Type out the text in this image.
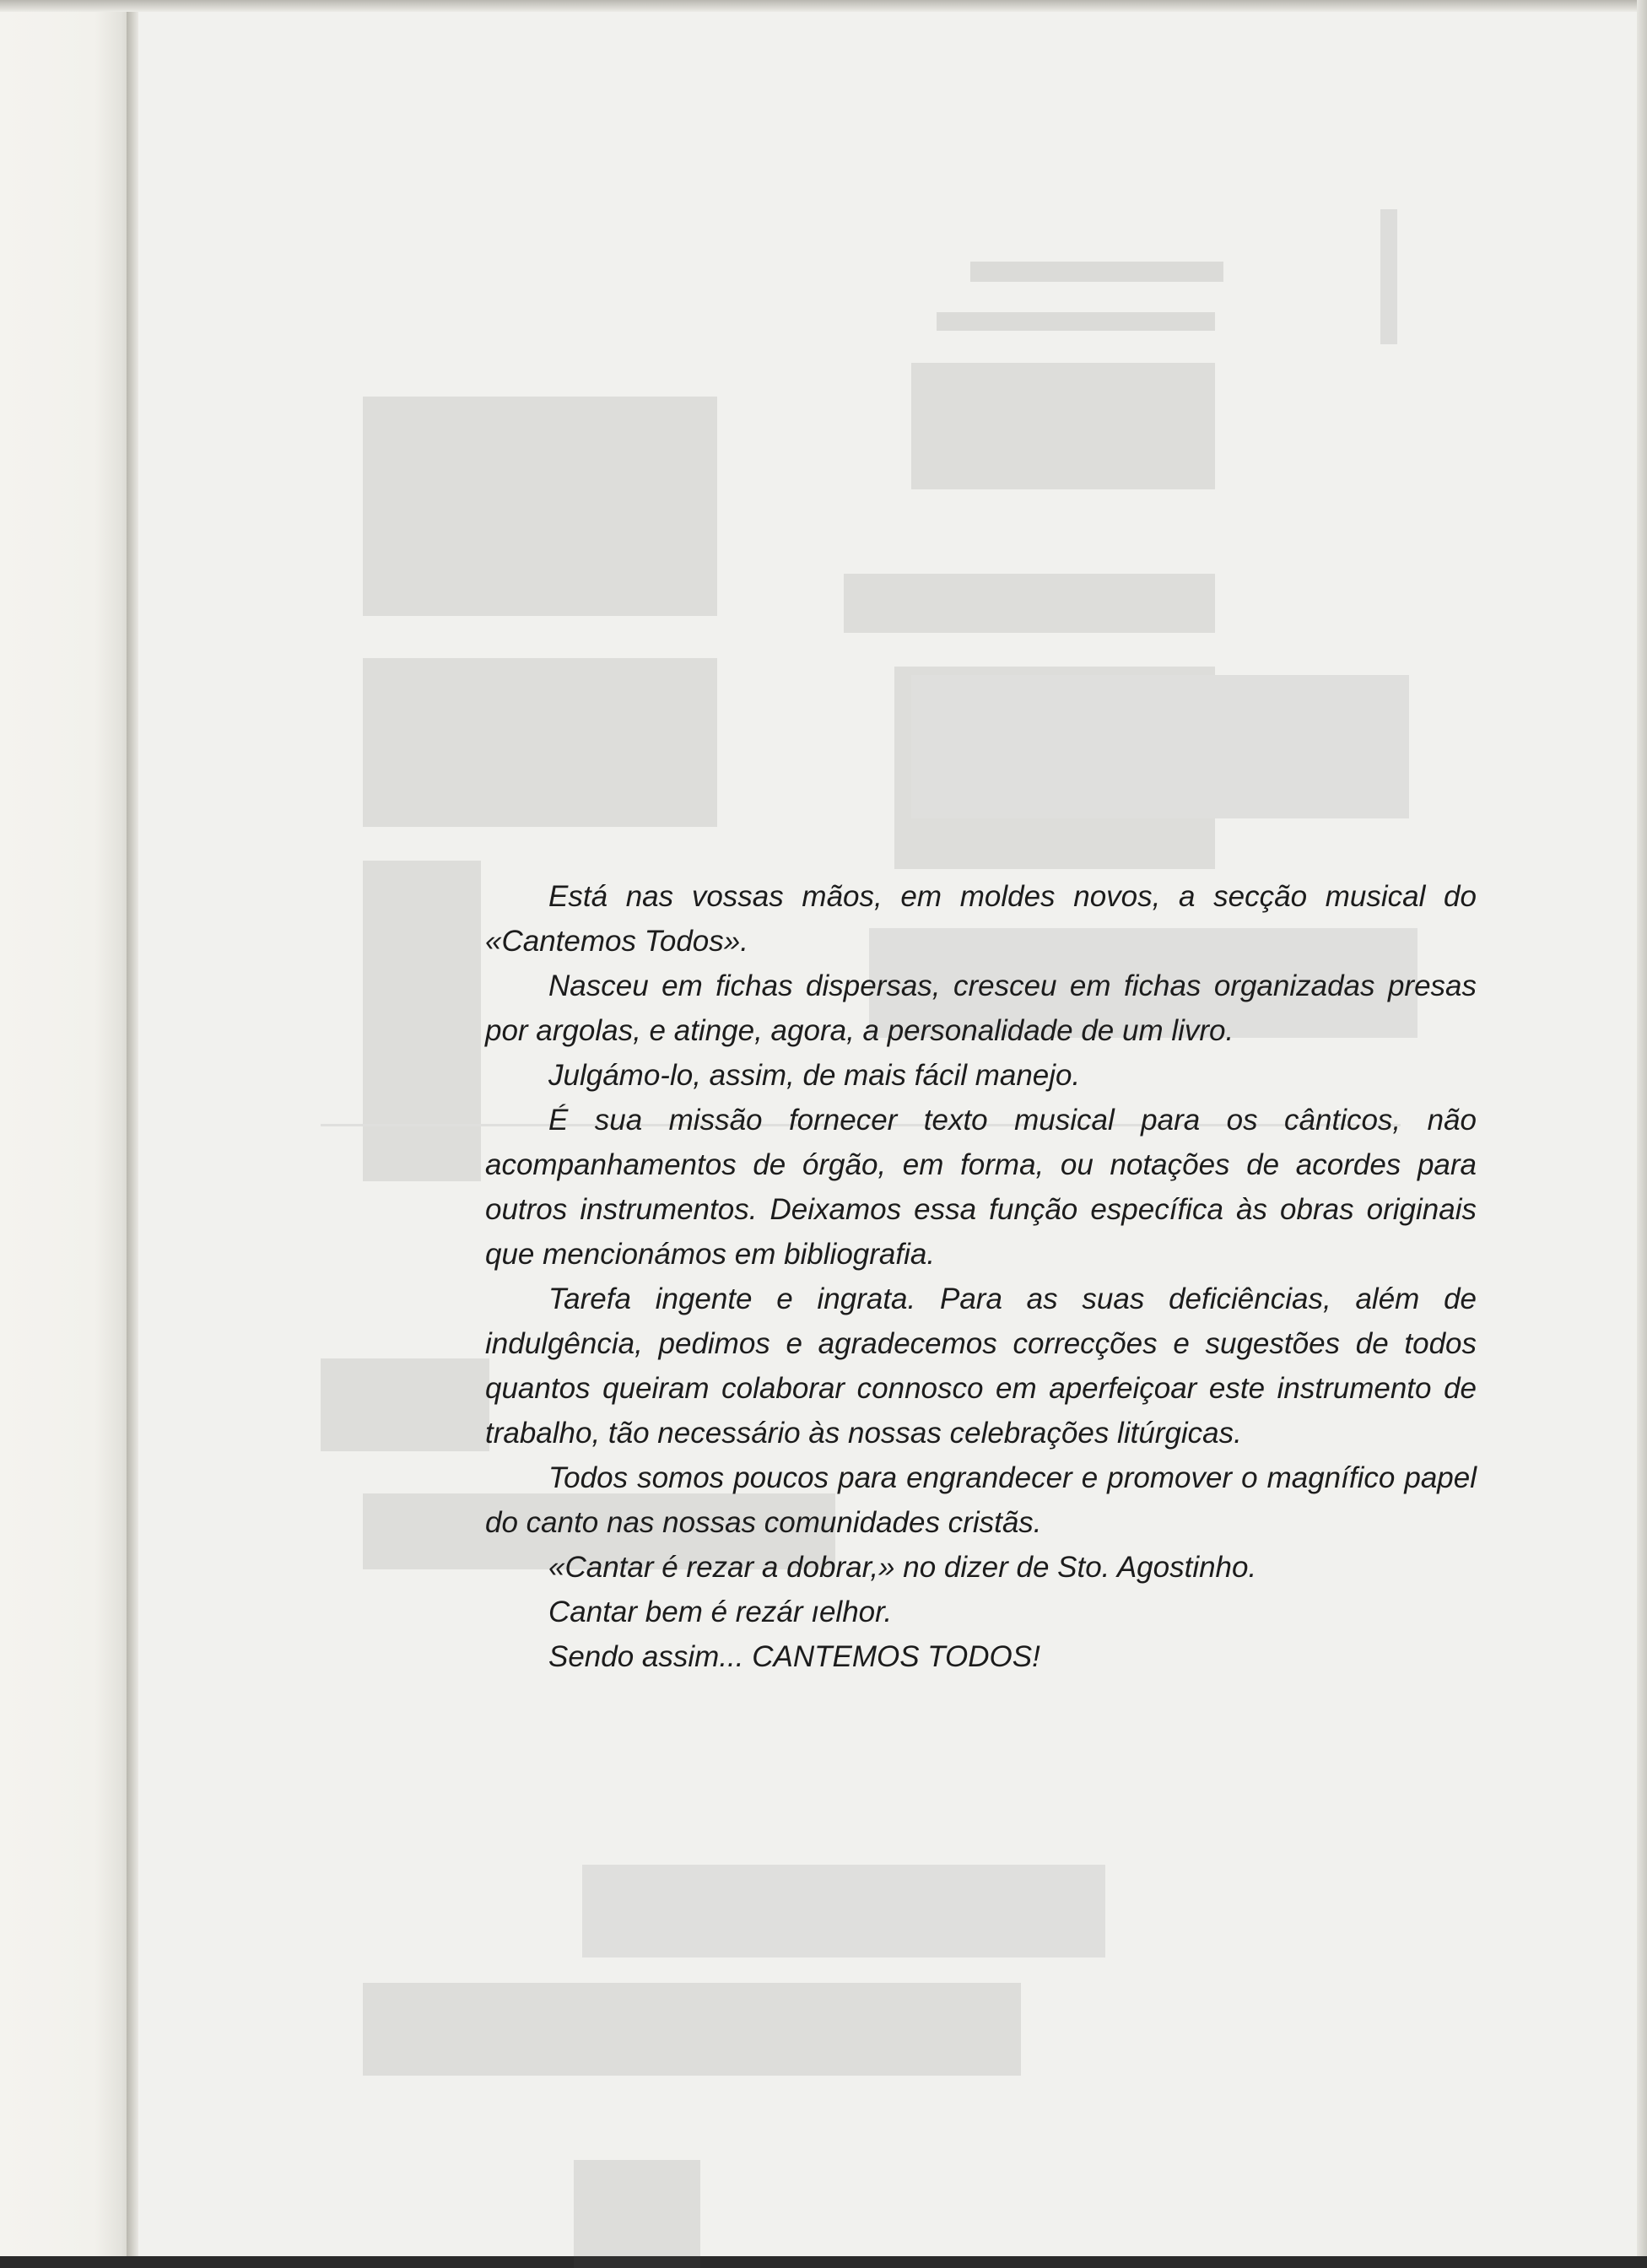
Está nas vossas mãos, em moldes novos, a secção musical do «Cantemos Todos».

Nasceu em fichas dispersas, cresceu em fichas organizadas presas por argolas, e atinge, agora, a personalidade de um livro.

Julgámo-lo, assim, de mais fácil manejo.

É sua missão fornecer texto musical para os cânticos, não acompanhamentos de órgão, em forma, ou notações de acordes para outros instrumentos. Deixamos essa função específica às obras originais que mencionámos em bibliografia.

Tarefa ingente e ingrata. Para as suas deficiências, além de indulgência, pedimos e agradecemos correcções e sugestões de todos quantos queiram colaborar connosco em aperfeiçoar este instrumento de trabalho, tão necessário às nossas celebrações litúrgicas.

Todos somos poucos para engrandecer e promover o magnífico papel do canto nas nossas comunidades cristãs.

«Cantar é rezar a dobrar,» no dizer de Sto. Agostinho.

Cantar bem é rezár ıelhor.

Sendo assim... CANTEMOS TODOS!
